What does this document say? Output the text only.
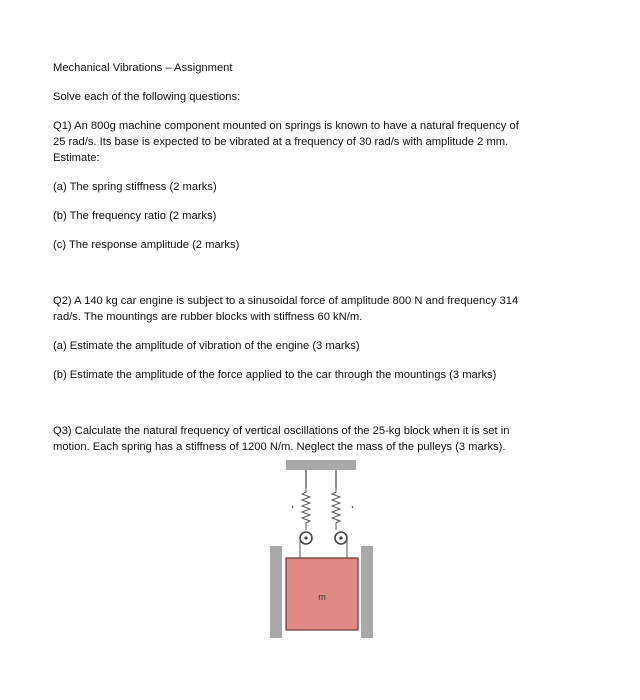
Mechanical Vibrations – Assignment

Solve each of the following questions:

Q1) An 800g machine component mounted on springs is known to have a natural frequency of

25 rad/s. Its base is expected to be vibrated at a frequency of 30 rad/s with amplitude 2 mm.

Estimate:

(a) The spring stiffness (2 marks)

(b) The frequency ratio (2 marks)

(c) The response amplitude (2 marks)

Q2) A 140 kg car engine is subject to a sinusoidal force of amplitude 800 N and frequency 314

rad/s. The mountings are rubber blocks with stiffness 60 kN/m.

(a) Estimate the amplitude of vibration of the engine (3 marks)

(b) Estimate the amplitude of the force applied to the car through the mountings (3 marks)

Q3) Calculate the natural frequency of vertical oscillations of the 25-kg block when it is set in

motion. Each spring has a stiffness of 1200 N/m. Neglect the mass of the pulleys (3 marks).

m
